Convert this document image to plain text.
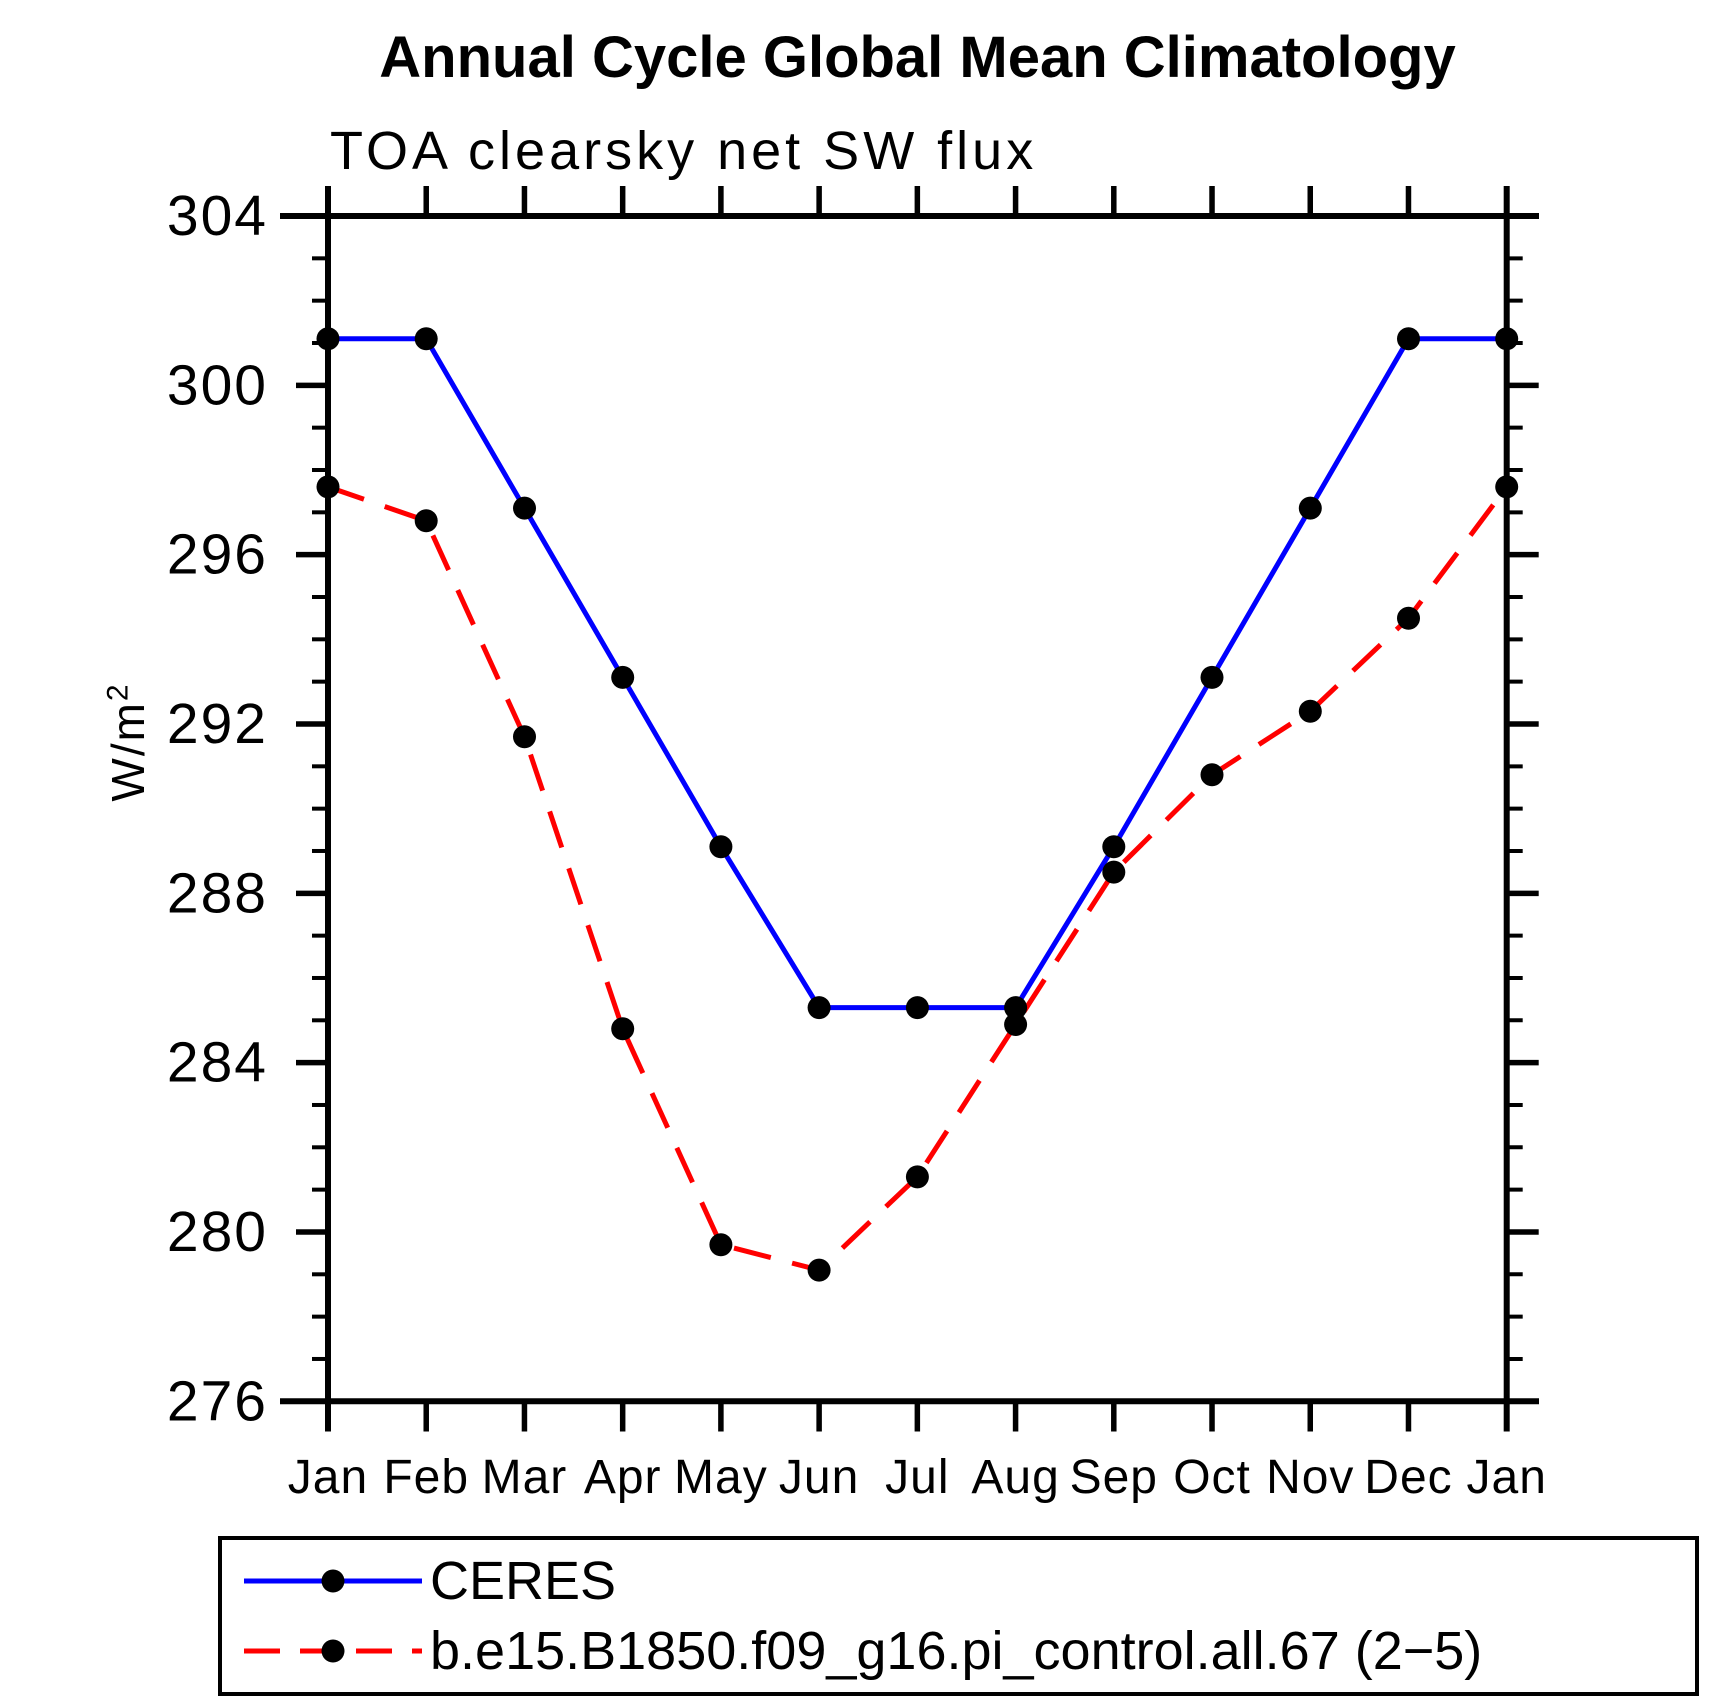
Jan Feb Mar Apr May Jun Jul Aug Sep Oct Nov Dec Jan
276
280
284
288
292
296
300
304
Annual Cycle Global Mean Climatology
TOA clearsky net SW flux
$W/m^2$
CERES
b.e15.B1850.f09_g16.pi_control.all.67 (2−5)
